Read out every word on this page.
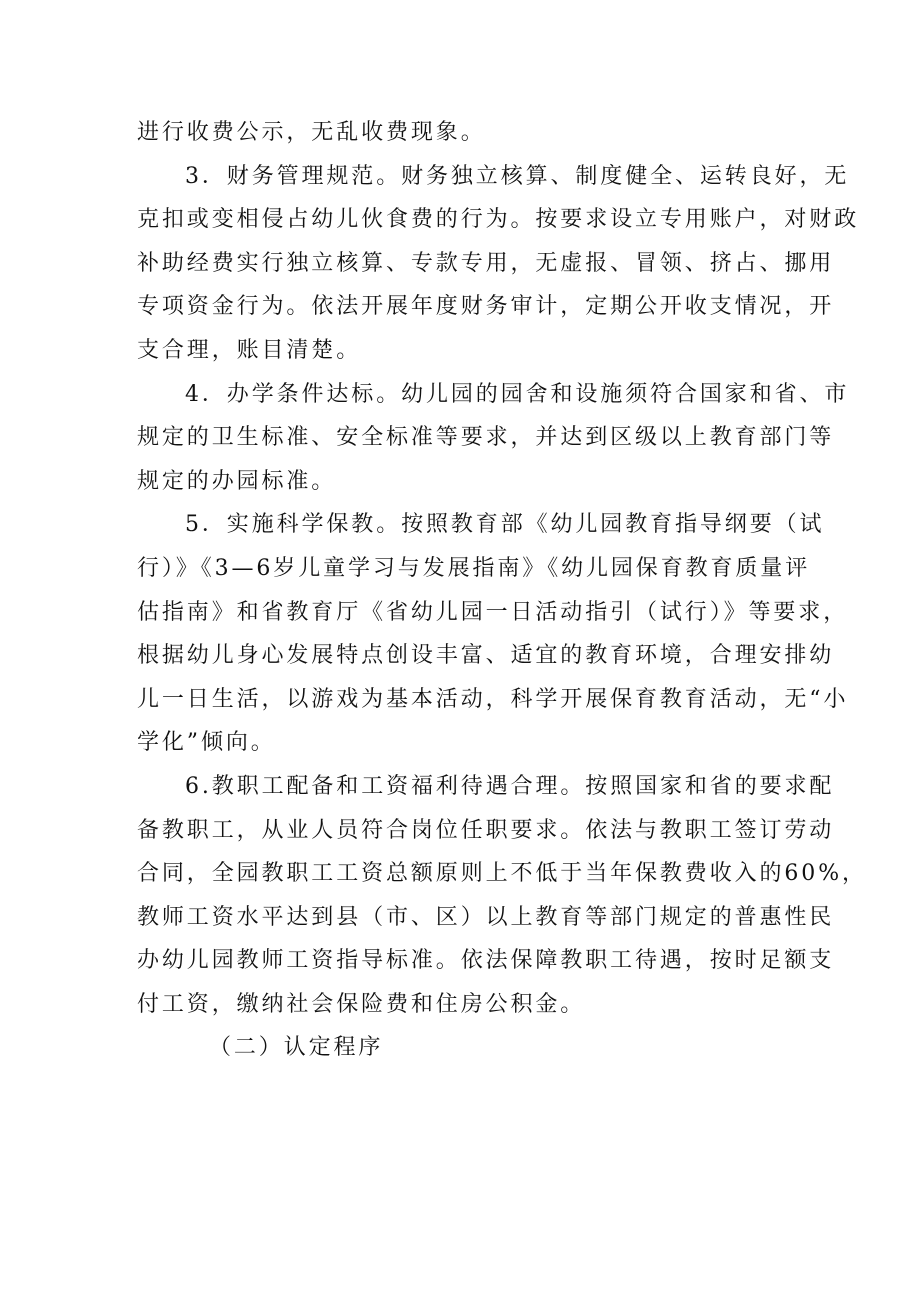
进行收费公示，无乱收费现象。
3．财务管理规范。财务独立核算、制度健全、运转良好，无
克扣或变相侵占幼儿伙食费的行为。按要求设立专用账户，对财政
补助经费实行独立核算、专款专用，无虚报、冒领、挤占、挪用
专项资金行为。依法开展年度财务审计，定期公开收支情况，开
支合理，账目清楚。
4．办学条件达标。幼儿园的园舍和设施须符合国家和省、市
规定的卫生标准、安全标准等要求，并达到区级以上教育部门等
规定的办园标准。
5．实施科学保教。按照教育部《幼儿园教育指导纲要（试
行）》《3—6岁儿童学习与发展指南》《幼儿园保育教育质量评
估指南》和省教育厅《省幼儿园一日活动指引（试行）》等要求，
根据幼儿身心发展特点创设丰富、适宜的教育环境，合理安排幼
儿一日生活，以游戏为基本活动，科学开展保育教育活动，无“小
学化”倾向。
6.教职工配备和工资福利待遇合理。按照国家和省的要求配
备教职工，从业人员符合岗位任职要求。依法与教职工签订劳动
合同，全园教职工工资总额原则上不低于当年保教费收入的60%，
教师工资水平达到县（市、区）以上教育等部门规定的普惠性民
办幼儿园教师工资指导标准。依法保障教职工待遇，按时足额支
付工资，缴纳社会保险费和住房公积金。
（二）认定程序
